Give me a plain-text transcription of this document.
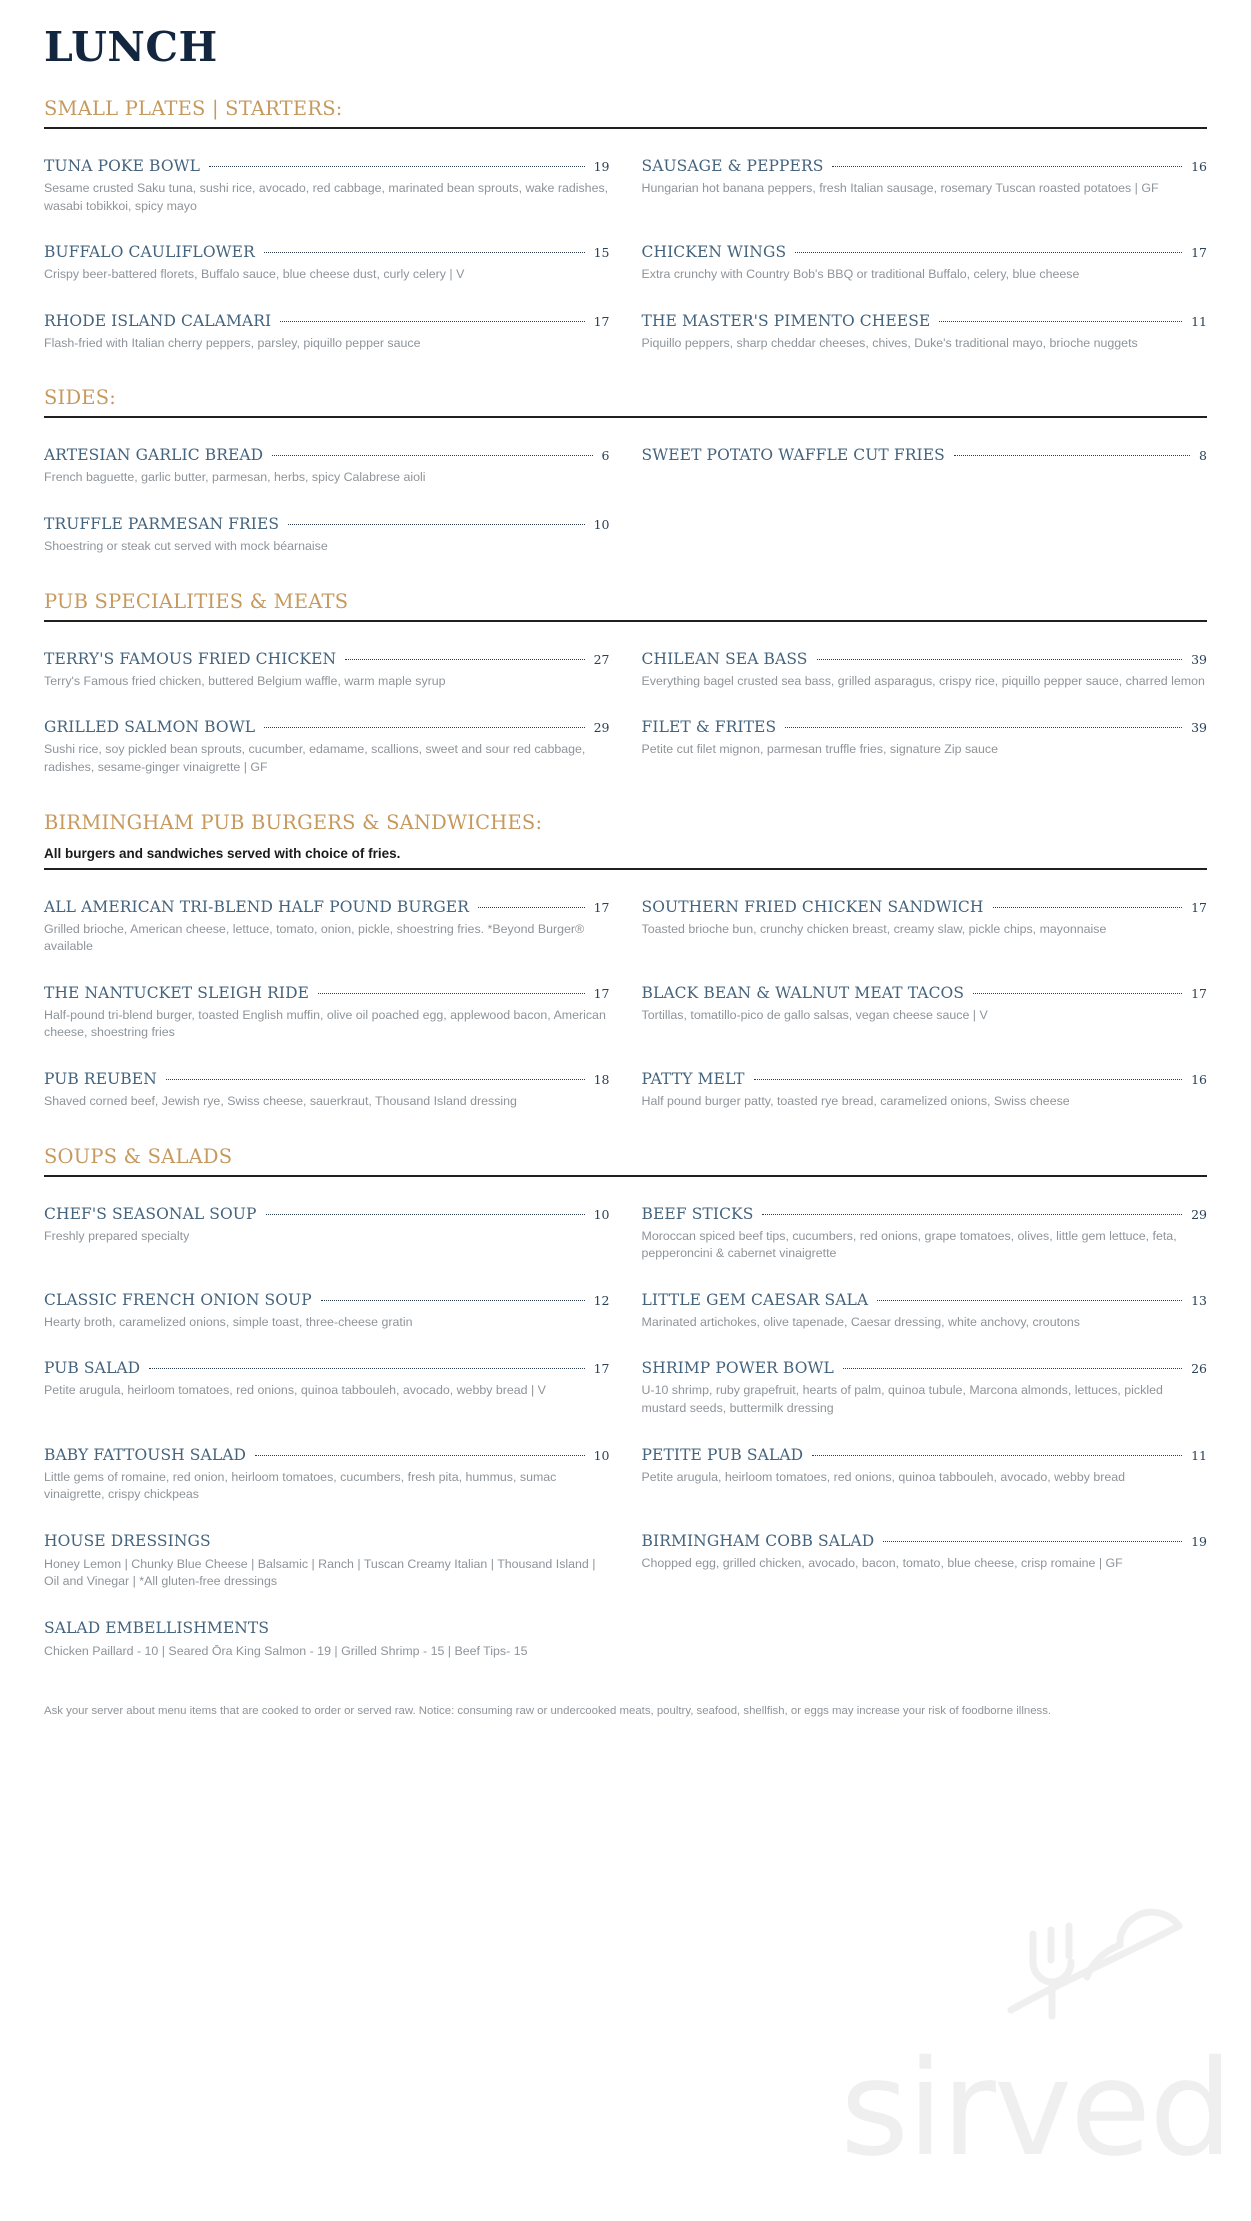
sirved
LUNCH
SMALL PLATES | STARTERS:
TUNA POKE BOWL	19
Sesame crusted Saku tuna, sushi rice, avocado, red cabbage, marinated bean sprouts, wake radishes, wasabi tobikkoi, spicy mayo
SAUSAGE & PEPPERS	16
Hungarian hot banana peppers, fresh Italian sausage, rosemary Tuscan roasted potatoes | GF
BUFFALO CAULIFLOWER	15
Crispy beer-battered florets, Buffalo sauce, blue cheese dust, curly celery | V
CHICKEN WINGS	17
Extra crunchy with Country Bob's BBQ or traditional Buffalo, celery, blue cheese
RHODE ISLAND CALAMARI	17
Flash-fried with Italian cherry peppers, parsley, piquillo pepper sauce
THE MASTER'S PIMENTO CHEESE	11
Piquillo peppers, sharp cheddar cheeses, chives, Duke's traditional mayo, brioche nuggets
SIDES:
ARTESIAN GARLIC BREAD	6
French baguette, garlic butter, parmesan, herbs, spicy Calabrese aioli
SWEET POTATO WAFFLE CUT FRIES	8
TRUFFLE PARMESAN FRIES	10
Shoestring or steak cut served with mock béarnaise
PUB SPECIALITIES & MEATS
TERRY'S FAMOUS FRIED CHICKEN	27
Terry's Famous fried chicken, buttered Belgium waffle, warm maple syrup
CHILEAN SEA BASS	39
Everything bagel crusted sea bass, grilled asparagus, crispy rice, piquillo pepper sauce, charred lemon
GRILLED SALMON BOWL	29
Sushi rice, soy pickled bean sprouts, cucumber, edamame, scallions, sweet and sour red cabbage, radishes, sesame-ginger vinaigrette | GF
FILET & FRITES	39
Petite cut filet mignon, parmesan truffle fries, signature Zip sauce
BIRMINGHAM PUB BURGERS & SANDWICHES:
All burgers and sandwiches served with choice of fries.
ALL AMERICAN TRI-BLEND HALF POUND BURGER	17
Grilled brioche, American cheese, lettuce, tomato, onion, pickle, shoestring fries. *Beyond Burger® available
SOUTHERN FRIED CHICKEN SANDWICH	17
Toasted brioche bun, crunchy chicken breast, creamy slaw, pickle chips, mayonnaise
THE NANTUCKET SLEIGH RIDE	17
Half-pound tri-blend burger, toasted English muffin, olive oil poached egg, applewood bacon, American cheese, shoestring fries
BLACK BEAN & WALNUT MEAT TACOS	17
Tortillas, tomatillo-pico de gallo salsas, vegan cheese sauce | V
PUB REUBEN	18
Shaved corned beef, Jewish rye, Swiss cheese, sauerkraut, Thousand Island dressing
PATTY MELT	16
Half pound burger patty, toasted rye bread, caramelized onions, Swiss cheese
SOUPS & SALADS
CHEF'S SEASONAL SOUP	10
Freshly prepared specialty
BEEF STICKS	29
Moroccan spiced beef tips, cucumbers, red onions, grape tomatoes, olives, little gem lettuce, feta, pepperoncini & cabernet vinaigrette
CLASSIC FRENCH ONION SOUP	12
Hearty broth, caramelized onions, simple toast, three-cheese gratin
LITTLE GEM CAESAR SALA	13
Marinated artichokes, olive tapenade, Caesar dressing, white anchovy, croutons
PUB SALAD	17
Petite arugula, heirloom tomatoes, red onions, quinoa tabbouleh, avocado, webby bread | V
SHRIMP POWER BOWL	26
U-10 shrimp, ruby grapefruit, hearts of palm, quinoa tubule, Marcona almonds, lettuces, pickled mustard seeds, buttermilk dressing
BABY FATTOUSH SALAD	10
Little gems of romaine, red onion, heirloom tomatoes, cucumbers, fresh pita, hummus, sumac vinaigrette, crispy chickpeas
PETITE PUB SALAD	11
Petite arugula, heirloom tomatoes, red onions, quinoa tabbouleh, avocado, webby bread
HOUSE DRESSINGS
Honey Lemon | Chunky Blue Cheese | Balsamic | Ranch | Tuscan Creamy Italian | Thousand Island | Oil and Vinegar | *All gluten-free dressings
BIRMINGHAM COBB SALAD	19
Chopped egg, grilled chicken, avocado, bacon, tomato, blue cheese, crisp romaine | GF
SALAD EMBELLISHMENTS
Chicken Paillard - 10 | Seared Ōra King Salmon - 19 | Grilled Shrimp - 15 | Beef Tips- 15
Ask your server about menu items that are cooked to order or served raw. Notice: consuming raw or undercooked meats, poultry, seafood, shellfish, or eggs may increase your risk of foodborne illness.
